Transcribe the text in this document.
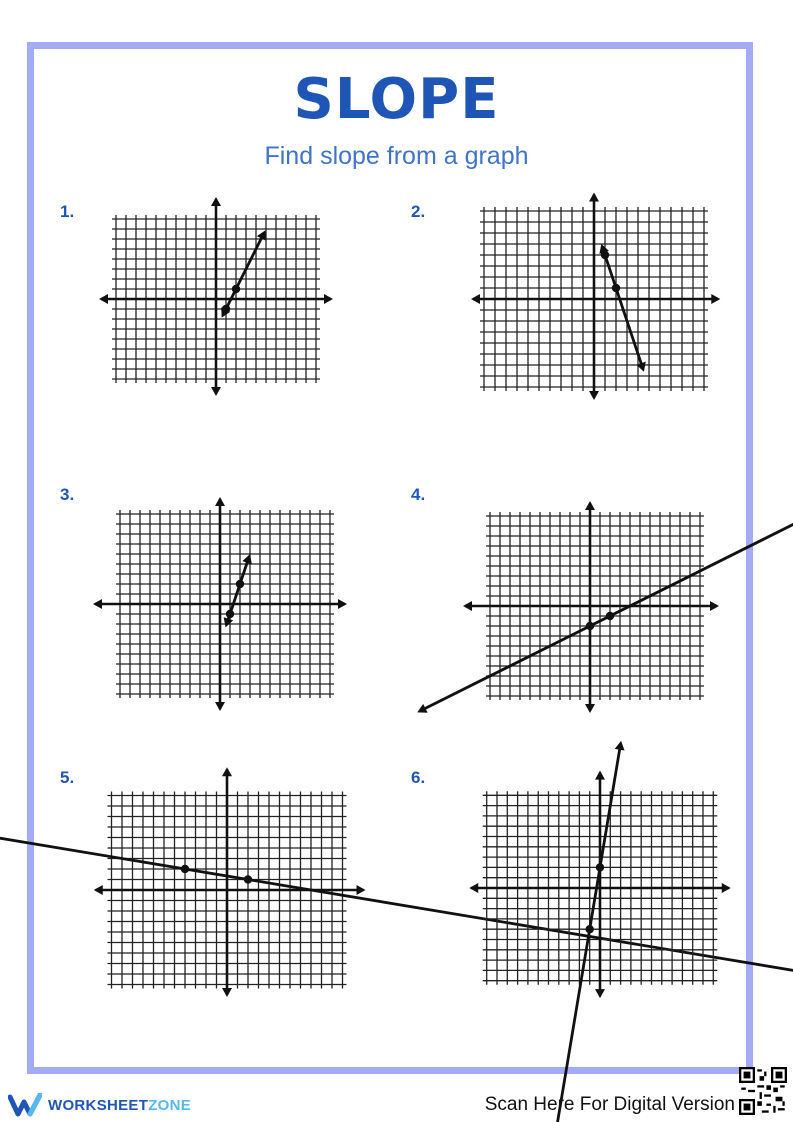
SLOPE
Find slope from a graph
1.	2.
3.	4.
5.	6.
WORKSHEETZONE	Scan Here For Digital Version
